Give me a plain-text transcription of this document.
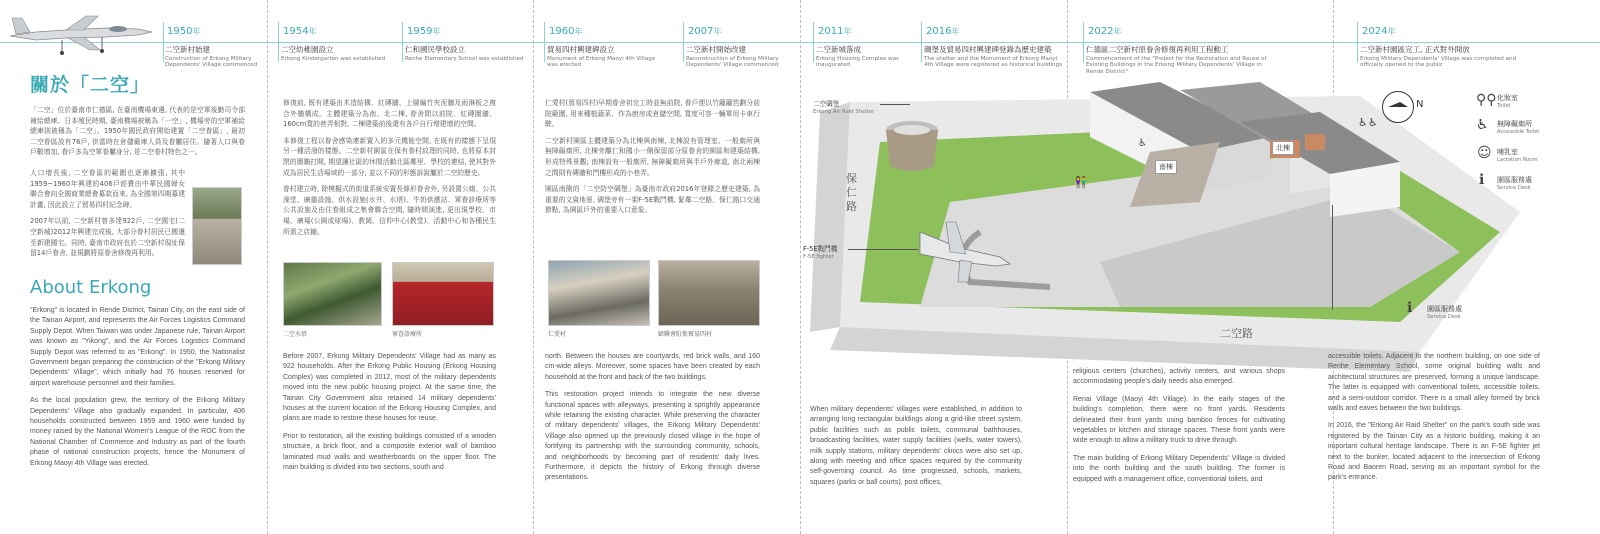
1950年
二空新村始建
Construction of Erkong Military Dependents' Village commenced
1954年
二空幼稚園設立
Erkong Kindergarten was established
1959年
仁和國民學校設立
Renhe Elementary School was established
1960年
貿易四村興建碑設立
Monument of Erkong Maoyi 4th Village was erected
2007年
二空新村開始改建
Reconstruction of Erkong Military Dependents' Village commenced
2011年
二空新城落成
Erkong Housing Complex was inaugurated
2016年
碉堡及貿易四村興建碑登錄為歷史建築
The shelter and the Monument of Erkong Maoyi 4th Village were registered as historical buildings
2022年
仁德區二空新村原眷舍修復再利用工程動工
Commencement of the "Project for the Restoration and Reuse of Existing Buildings in the Erkong Military Dependents' Village in Rende District"
2024年
二空新村園區完工, 正式對外開放
Erkong Military Dependents' Village was completed and officially opened to the public
關於「二空」

「二空」位於臺南市仁德區, 在臺南機場東邊, 代表的是空軍後勤司令部補給總庫。日本殖民時期, 臺南機場被稱為「一空」, 機場旁的空軍補給總庫則被稱為「二空」。1950年國民政府開始建置「二空眷區」, 最初二空眷區設有76戶, 供當時在倉儲廠庫人員及眷屬居住。隨著人口與眷戶數增加, 眷戶多為空軍眷屬身分, 是二空眷村特色之一。

人口增長後, 二空眷區的範圍也逐漸擴張, 其中1959~1960年興建的406戶經費由中華民國婦女聯合會向全國商業總會募款而來, 為全國第四期募建計畫, 因此設立了貿易四村紀念碑。

2007年以前, 二空新村曾多達922戶, 二空國宅(二空新城)2012年興建完成後, 大部分眷村居民已搬遷至新建國宅。同時, 臺南市政府也於二空新村現址保留14戶眷舍, 並規劃將原眷舍修復再利用。

About Erkong

"Erkong" is located in Rende District, Tainan City, on the east side of the Tainan Airport, and represents the Air Forces Logistics Command Supply Depot. When Taiwan was under Japanese rule, Tainan Airport was known as "Yikong", and the Air Forces Logistics Command Supply Depot was referred to as "Erkong". In 1950, the Nationalist Government began preparing the construction of the "Erkong Military Dependents' Village", which initially had 76 houses reserved for airport warehouse personnel and their families.

As the local population grew, the territory of the Erkong Military Dependents' Village also gradually expanded. In particular, 406 households constructed between 1959 and 1960 were funded by money raised by the National Women's League of the ROC from the National Chamber of Commerce and Industry as part of the fourth phase of national construction projects, hence the Monument of Erkong Maoyi 4th Village was erected.

修復前, 既有建築由木造結構、紅磚牆、上層編竹夾泥牆及雨淋板之複合外牆構成。主體建築分為南、北二棟, 眷舍間以前院、紅磚圍牆、160cm寬的巷弄相對, 二棟建築前後還有各戶自行增建增的空間。

本修復工程以眷舍感染連新置入的多元機能空間, 在既有的樣態下呈現另一種活潑的樣態。二空新村園區在保有眷村紋理的同時, 也將原本封閉的圍牆打開, 期望讓社區的休閒活動北區鄰里、學校的連結, 使其對外成為居民生活場域的一部分, 並以不同的形態訴說屬於二空的歷史。

眷村建立時, 除模擬式的街道系統安置長條形眷舍外, 另設置公廁、公共澡堂、廣播設施、供水設施(水井、水塔)、牛奶供應站、軍眷診療所等公共設施及由住眷組成之集會聯合空間, 隨時間演進, 更出現學校、市場、廣場(公園或球場)、教岡、信仰中心(教堂)、活動中心和各種民生所需之店鋪。

二空水塔	軍眷診療所

Before 2007, Erkong Military Dependents' Village had as many as 922 households. After the Erkong Public Housing (Erkong Housing Complex) was completed in 2012, most of the military dependents moved into the new public housing project. At the same time, the Tainan City Government also retained 14 military dependents' houses at the current location of the Erkong Housing Complex, and plans are made to restore these houses for reuse.

Prior to restoration, all the existing buildings consisted of a wooden structure, a brick floor, and a composite exterior wall of bamboo laminated mud walls and weatherboards on the upper floor. The main building is divided into two sections, south and

仁愛村(貿易四村)早期眷舍初完工時並無前院, 眷戶便以竹籬籬笆劃分前院範圍, 用來種植蔬菜、作為廚房或倉儲空間, 寬度可容一輛軍用卡車行駛。

二空新村園區主體建築分為北棟與南棟, 北棟設有管理室、一般廁所與無障礙廁所, 北棟旁離仁和國小一側保留部分原眷舍的園區和建築結構, 形成特殊景觀; 南棟設有一般廁所, 無障礙廁所與半戶外廊道, 南北兩棟之間則有磚牆和門樓形成的小巷弄。

園區南側的「二空防空碉堡」為臺南市政府2016年登錄之歷史建築, 為重要的文資地景, 碉堡旁有一架F-5E戰鬥機, 緊鄰二空路、保仁路口交通節點, 為園區戶外的重要入口意象。

仁愛村	婦聯會駐紮貿易四村

north. Between the houses are courtyards, red brick walls, and 160 cm-wide alleys. Moreover, some spaces have been created by each household at the front and back of the two buildings.

This restoration project intends to integrate the new diverse functional spaces with alleyways, presenting a sprightly appearance while retaining the existing character. While preserving the character of military dependents' villages, the Erkong Military Dependents' Village also opened up the previously closed village in the hope of fortifying its partnership with the surrounding community, schools, and neighborhoods by becoming part of residents' daily lives. Furthermore, it depicts the history of Erkong through diverse presentations.

二空碉堡
Erkong Air Raid Shelter
F-5E戰鬥機
F-5E fighter
保仁路
二空路
南棟
北棟
♿♿
♿
👫
N	⚲⚲ 化妝室
Toilet
♿ 無障礙廁所
Accessible Toilet
☺ 哺乳室
Lactation Room
ℹ 園區服務處
Service Desk
ℹ 園區服務處
Service Desk

When military dependents' villages were established, in addition to arranging long rectangular buildings along a grid-like street system, public facilities such as public toilets, communal bathhouses, broadcasting facilities, water supply facilities (wells, water towers), milk supply stations, military dependents' clinics were also set up, along with meeting and office spaces required by the community self-governing council. As time progressed, schools, markets, squares (parks or ball courts), post offices,

religious centers (churches), activity centers, and various shops accommodating people's daily needs also emerged.

Renai Village (Maoyi 4th Village). In the early stages of the building's completion, there were no front yards. Residents delineated their front yards using bamboo fences for cultivating vegetables or kitchen and storage spaces. These front yards were wide enough to allow a military truck to drive through.

The main building of Erkong Military Dependents' Village is divided into the north building and the south building. The former is equipped with a management office, conventional toilets, and

accessible toilets. Adjacent to the northern building, on one side of Renhe Elementary School, some original building walls and architectural structures are preserved, forming a unique landscape. The latter is equipped with conventional toilets, accessible toilets, and a semi-outdoor corridor. There is a small alley formed by brick walls and eaves between the two buildings.

In 2016, the "Erkong Air Raid Shelter" on the park's south side was registered by the Tainan City as a historic building, making it an important cultural heritage landscape. There is an F-5E fighter jet next to the bunker, located adjacent to the intersection of Erkong Road and Baoren Road, serving as an important symbol for the park's entrance.
